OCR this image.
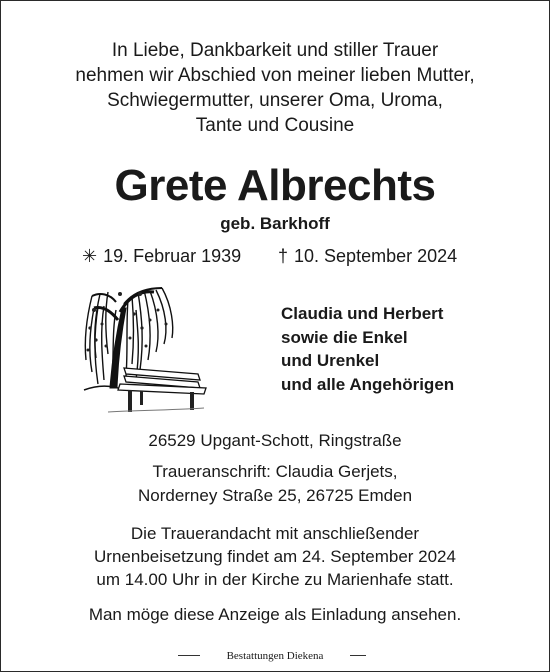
In Liebe, Dankbarkeit und stiller Trauer
nehmen wir Abschied von meiner lieben Mutter,
Schwiegermutter, unserer Oma, Uroma,
Tante und Cousine
Grete Albrechts
geb. Barkhoff
✳ 19. Februar 1939 † 10. September 2024
Claudia und Herbert
sowie die Enkel
und Urenkel
und alle Angehörigen
26529 Upgant-Schott, Ringstraße
Traueranschrift: Claudia Gerjets,
Norderney Straße 25, 26725 Emden
Die Trauerandacht mit anschließender
Urnenbeisetzung findet am 24. September 2024
um 14.00 Uhr in der Kirche zu Marienhafe statt.
Man möge diese Anzeige als Einladung ansehen.
Bestattungen Diekena
